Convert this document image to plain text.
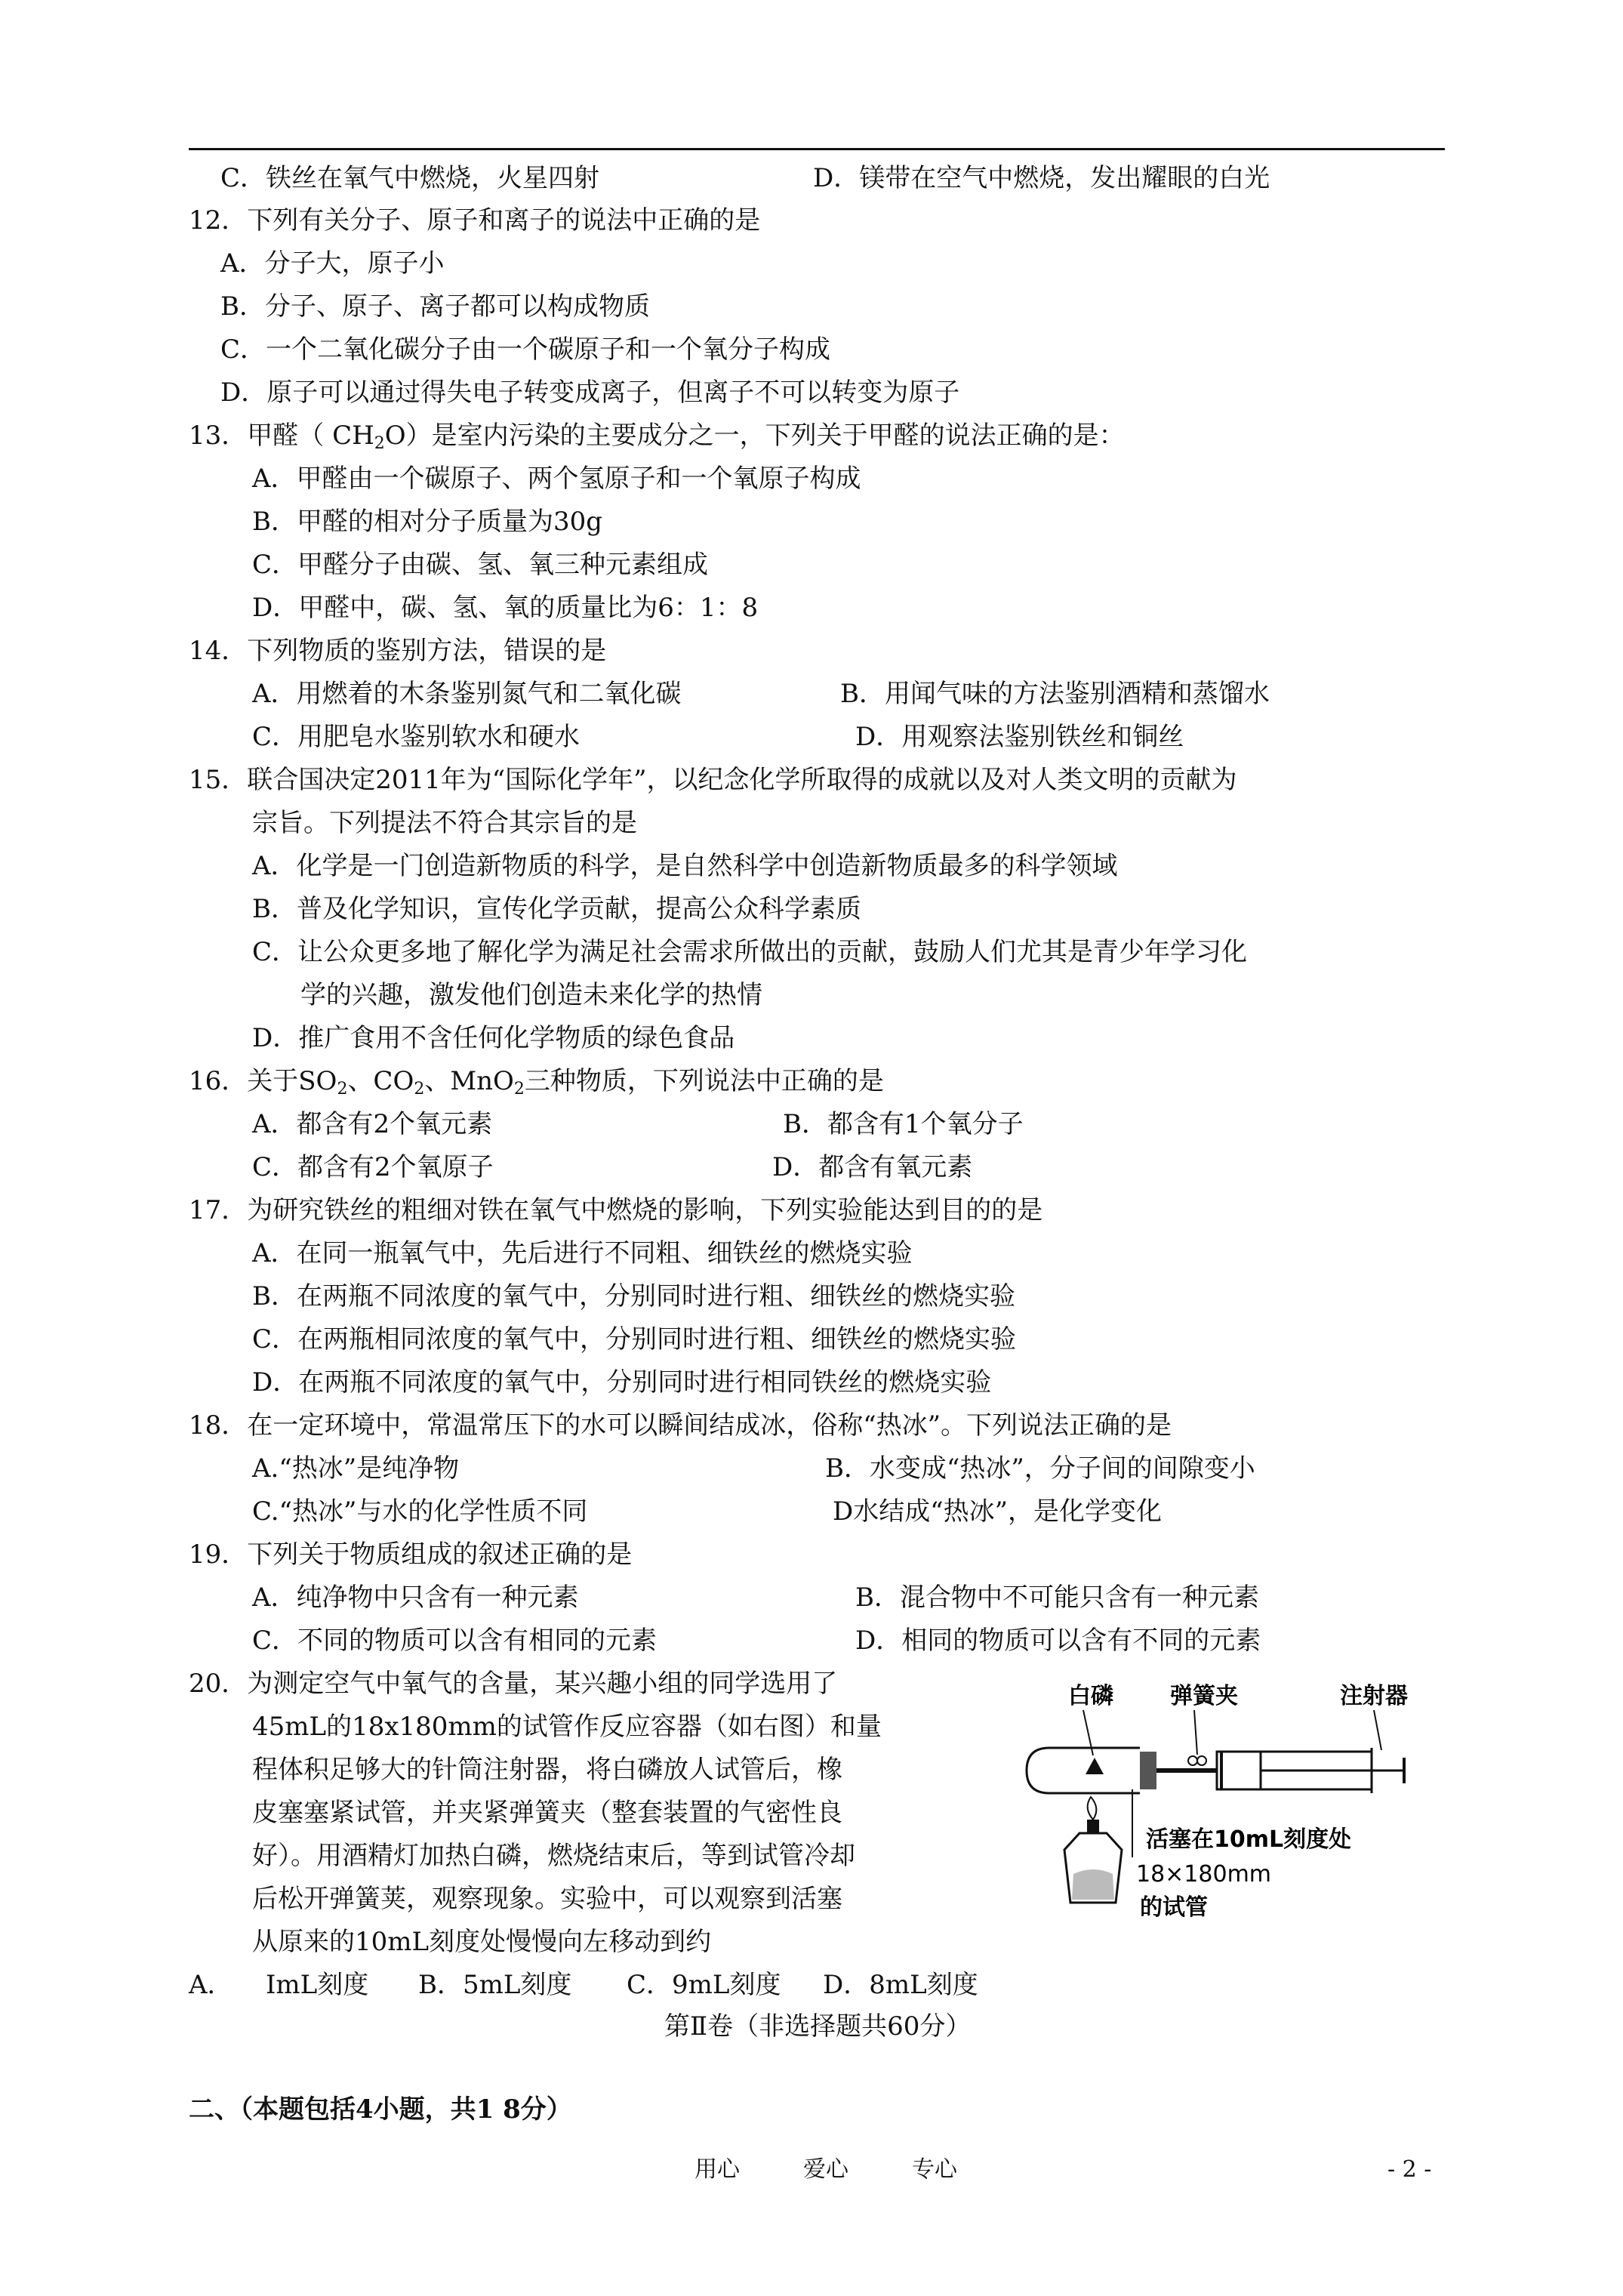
C．铁丝在氧气中燃烧，火星四射	D．镁带在空气中燃烧，发出耀眼的白光
12．下列有关分子、原子和离子的说法中正确的是
A．分子大，原子小
B．分子、原子、离子都可以构成物质
C．一个二氧化碳分子由一个碳原子和一个氧分子构成
D．原子可以通过得失电子转变成离子，但离子不可以转变为原子
13．甲醛（ $CH_2O$）是室内污染的主要成分之一，下列关于甲醛的说法正确的是：
A．甲醛由一个碳原子、两个氢原子和一个氧原子构成
B．甲醛的相对分子质量为30g
C．甲醛分子由碳、氢、氧三种元素组成
D．甲醛中，碳、氢、氧的质量比为6：1：8
14．下列物质的鉴别方法，错误的是
A．用燃着的木条鉴别氮气和二氧化碳	B．用闻气味的方法鉴别酒精和蒸馏水
C．用肥皂水鉴别软水和硬水	D．用观察法鉴别铁丝和铜丝
15．联合国决定2011年为“国际化学年”，以纪念化学所取得的成就以及对人类文明的贡献为
宗旨。下列提法不符合其宗旨的是
A．化学是一门创造新物质的科学，是自然科学中创造新物质最多的科学领域
B．普及化学知识，宣传化学贡献，提高公众科学素质
C．让公众更多地了解化学为满足社会需求所做出的贡献，鼓励人们尤其是青少年学习化
学的兴趣，激发他们创造未来化学的热情
D．推广食用不含任何化学物质的绿色食品
16．关于$SO_2$、$CO_2$、MnO$_2$三种物质，下列说法中正确的是
A．都含有2个氧元素	B．都含有1个氧分子
C．都含有2个氧原子	D．都含有氧元素
17．为研究铁丝的粗细对铁在氧气中燃烧的影响，下列实验能达到目的的是
A．在同一瓶氧气中，先后进行不同粗、细铁丝的燃烧实验
B．在两瓶不同浓度的氧气中，分别同时进行粗、细铁丝的燃烧实验
C．在两瓶相同浓度的氧气中，分别同时进行粗、细铁丝的燃烧实验
D．在两瓶不同浓度的氧气中，分别同时进行相同铁丝的燃烧实验
18．在一定环境中，常温常压下的水可以瞬间结成冰，俗称“热冰”。下列说法正确的是
A.“热冰”是纯净物	B．水变成“热冰”，分子间的间隙变小
C.“热冰”与水的化学性质不同	D水结成“热冰”，是化学变化
19．下列关于物质组成的叙述正确的是
A．纯净物中只含有一种元素	B．混合物中不可能只含有一种元素
C．不同的物质可以含有相同的元素	D．相同的物质可以含有不同的元素
20．为测定空气中氧气的含量，某兴趣小组的同学选用了
45mL的18x180mm的试管作反应容器（如右图）和量
程体积足够大的针筒注射器，将白磷放人试管后，橡
皮塞塞紧试管，并夹紧弹簧夹（整套装置的气密性良
好）。用酒精灯加热白磷，燃烧结束后，等到试管冷却
后松开弹簧荚，观察现象。实验中，可以观察到活塞
从原来的10mL刻度处慢慢向左移动到约
A． ImL刻度 B．5mL刻度 C．9mL刻度 D．8mL刻度
白磷	弹簧夹	注射器
活塞在10mL刻度处
18×180mm
的试管
第Ⅱ卷（非选择题共60分）
二、（本题包括4小题，共1 8分）
用心	爱心	专心	- 2 -
